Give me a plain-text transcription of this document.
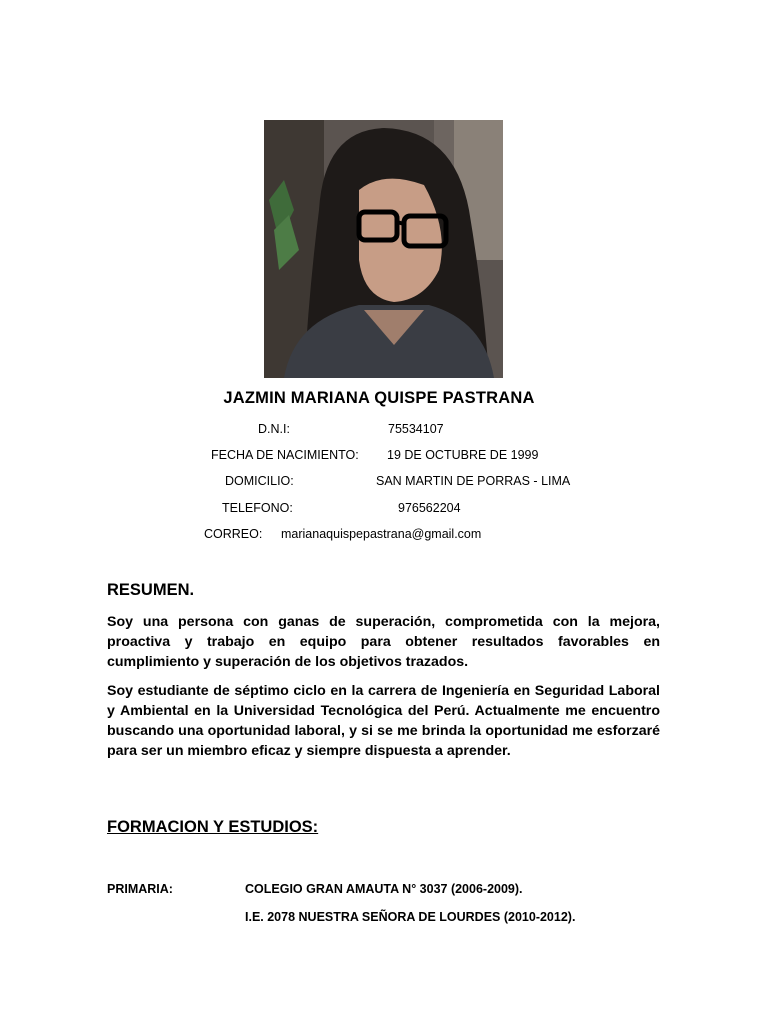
JAZMIN MARIANA QUISPE PASTRANA
D.N.I:	75534107
FECHA DE NACIMIENTO: 19 DE OCTUBRE DE 1999
DOMICILIO:	SAN MARTIN DE PORRAS - LIMA
TELEFONO:	976562204
CORREO: marianaquispepastrana@gmail.com
RESUMEN.

Soy una persona con ganas de superación, comprometida con la mejora, proactiva y trabajo en equipo para obtener resultados favorables en cumplimiento y superación de los objetivos trazados.

Soy estudiante de séptimo ciclo en la carrera de Ingeniería en Seguridad Laboral y Ambiental en la Universidad Tecnológica del Perú. Actualmente me encuentro buscando una oportunidad laboral, y si se me brinda la oportunidad me esforzaré para ser un miembro eficaz y siempre dispuesta a aprender.

FORMACION Y ESTUDIOS:
PRIMARIA:	COLEGIO GRAN AMAUTA N° 3037 (2006-2009).
I.E. 2078 NUESTRA SEÑORA DE LOURDES (2010-2012).
